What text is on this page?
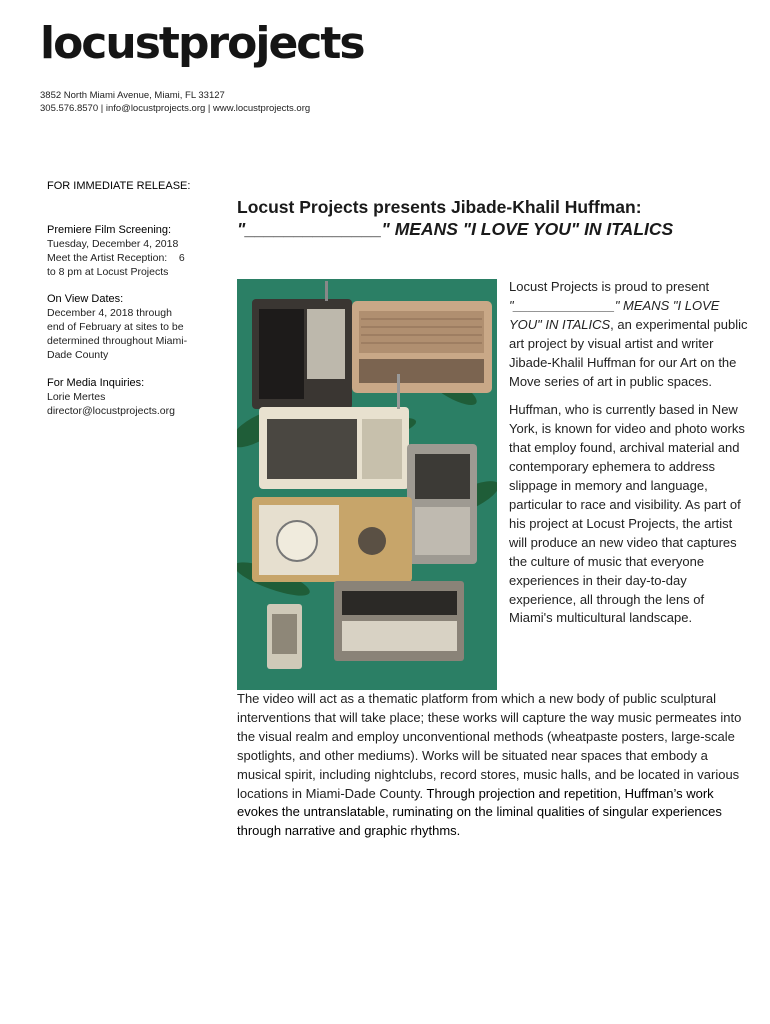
locustprojects
3852 North Miami Avenue, Miami, FL 33127
305.576.8570 | info@locustprojects.org | www.locustprojects.org
FOR IMMEDIATE RELEASE:
Premiere Film Screening:
Tuesday, December 4, 2018
Meet the Artist Reception:    6
to 8 pm at Locust Projects
On View Dates:
December 4, 2018 through
end of February at sites to be
determined throughout Miami-
Dade County
For Media Inquiries:
Lorie Mertes
director@locustprojects.org
Locust Projects presents Jibade-Khalil Huffman:
"______________" MEANS "I LOVE YOU" IN ITALICS

Locust Projects is proud to present "______________" MEANS "I LOVE YOU" IN ITALICS, an experimental public art project by visual artist and writer Jibade-Khalil Huffman for our Art on the Move series of art in public spaces.

Huffman, who is currently based in New York, is known for video and photo works that employ found, archival material and contemporary ephemera to address slippage in memory and language, particular to race and visibility. As part of his project at Locust Projects, the artist will produce an new video that captures the culture of music that everyone experiences in their day-to-day experience, all through the lens of Miami's multicultural landscape.

The video will act as a thematic platform from which a new body of public sculptural interventions that will take place; these works will capture the way music permeates into the visual realm and employ unconventional methods (wheatpaste posters, large-scale spotlights, and other mediums). Works will be situated near spaces that embody a musical spirit, including nightclubs, record stores, music halls, and be located in various locations in Miami-Dade County. Through projection and repetition, Huffman’s work evokes the untranslatable, ruminating on the liminal qualities of singular experiences through narrative and graphic rhythms.
